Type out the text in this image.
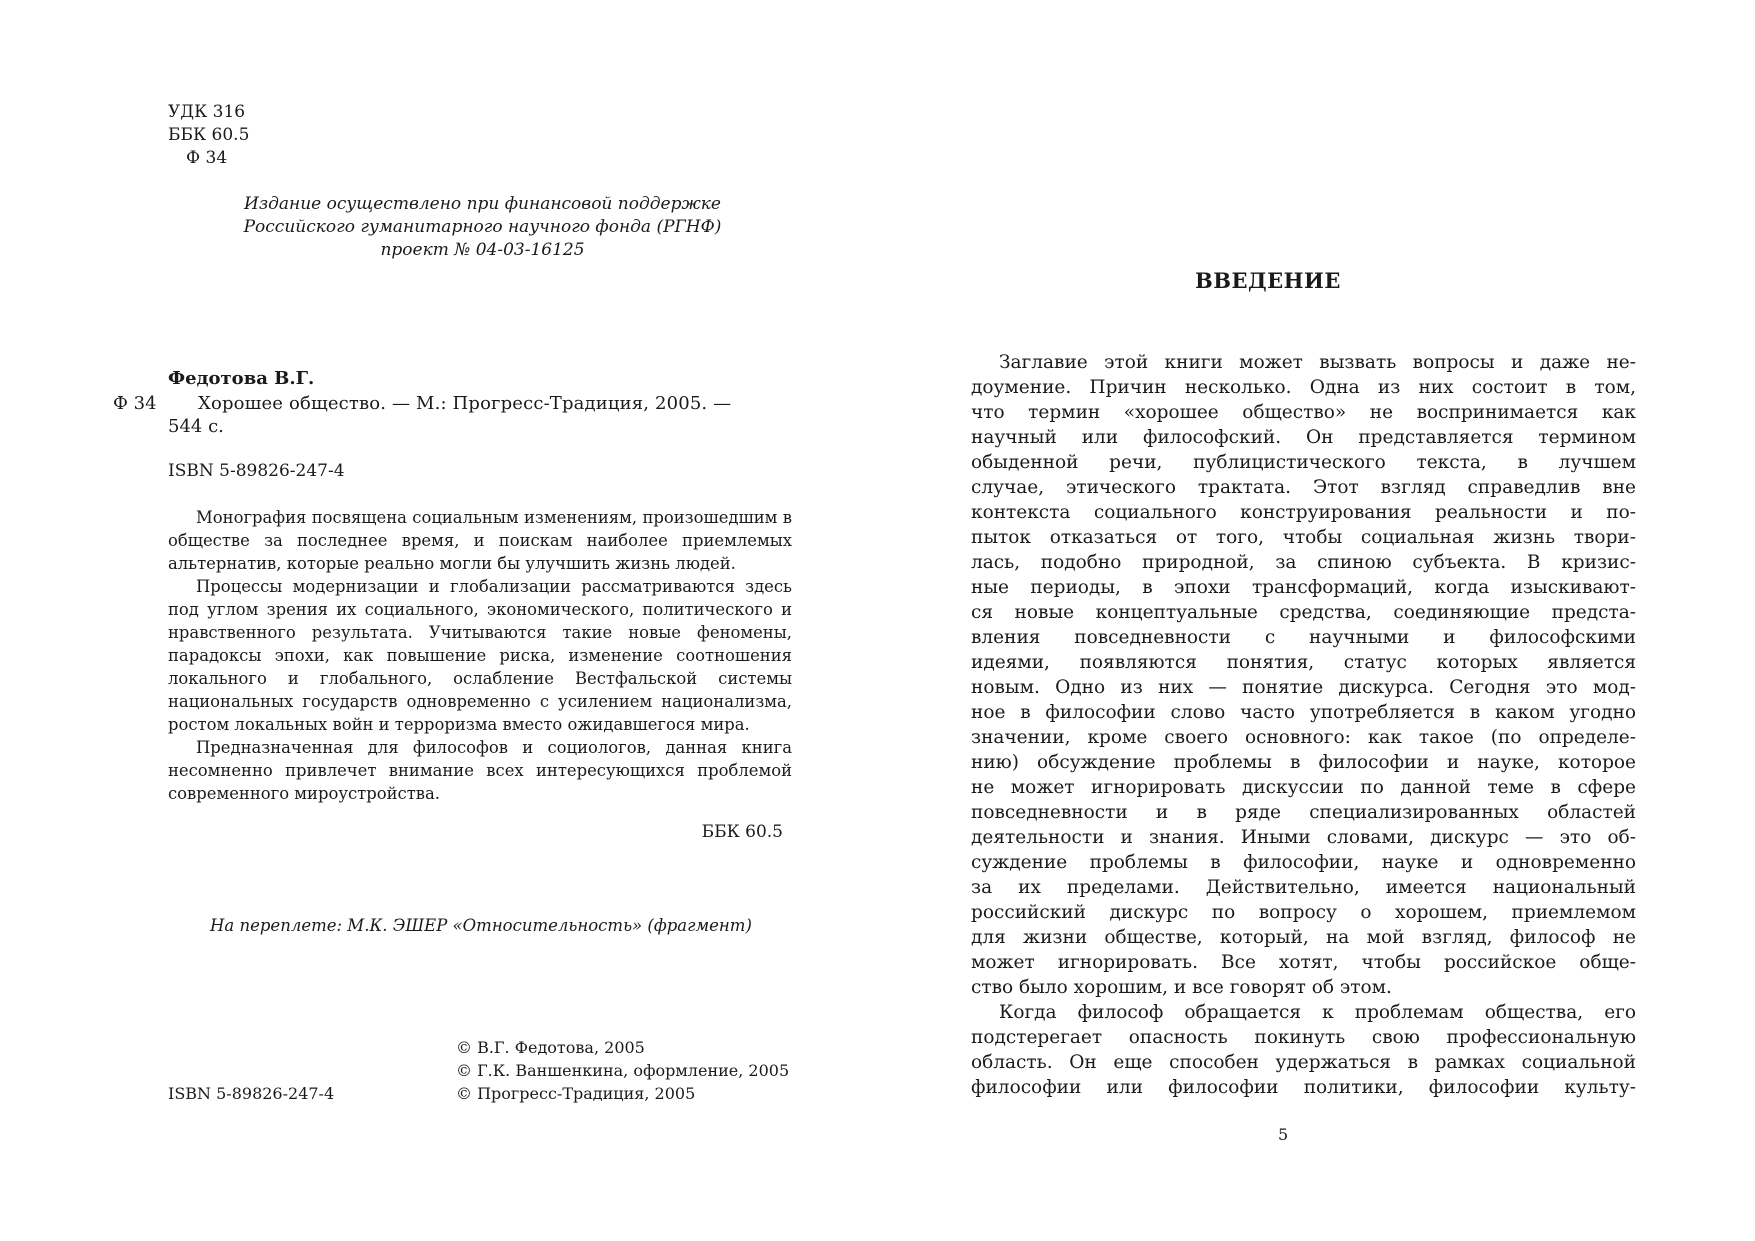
УДК 316
ББК 60.5
Ф 34
Издание осуществлено при финансовой поддержке
Российского гуманитарного научного фонда (РГНФ)
проект № 04-03-16125
Федотова В.Г.
Ф 34 Хорошее общество. — М.: Прогресс-Традиция, 2005. —
544 с.
ISBN 5-89826-247-4

Монография посвящена социальным изменениям, произошедшим в обществе за последнее время, и поискам наиболее приемлемых альтернатив, которые реально могли бы улучшить жизнь людей.

Процессы модернизации и глобализации рассматриваются здесь под углом зрения их социального, экономического, политического и нравственного результата. Учитываются такие новые феномены, парадоксы эпохи, как повышение риска, изменение соотношения локального и глобального, ослабление Вестфальской системы национальных государств одновременно с усилением национализма, ростом локальных войн и терроризма вместо ожидавшегося мира.

Предназначенная для философов и социологов, данная книга несомненно привлечет внимание всех интересующихся проблемой современного мироустройства.

ББК 60.5
На переплете: М.К. ЭШЕР «Относительность» (фрагмент)
© В.Г. Федотова, 2005
© Г.К. Ваншенкина, оформление, 2005
ISBN 5-89826-247-4	© Прогресс-Традиция, 2005
ВВЕДЕНИЕ
Заглавие этой книги может вызвать вопросы и даже не-
доумение. Причин несколько. Одна из них состоит в том,
что термин «хорошее общество» не воспринимается как
научный или философский. Он представляется термином
обыденной речи, публицистического текста, в лучшем
случае, этического трактата. Этот взгляд справедлив вне
контекста социального конструирования реальности и по-
пыток отказаться от того, чтобы социальная жизнь твори-
лась, подобно природной, за спиною субъекта. В кризис-
ные периоды, в эпохи трансформаций, когда изыскивают-
ся новые концептуальные средства, соединяющие предста-
вления повседневности с научными и философскими
идеями, появляются понятия, статус которых является
новым. Одно из них — понятие дискурса. Сегодня это мод-
ное в философии слово часто употребляется в каком угодно
значении, кроме своего основного: как такое (по определе-
нию) обсуждение проблемы в философии и науке, которое
не может игнорировать дискуссии по данной теме в сфере
повседневности и в ряде специализированных областей
деятельности и знания. Иными словами, дискурс — это об-
суждение проблемы в философии, науке и одновременно
за их пределами. Действительно, имеется национальный
российский дискурс по вопросу о хорошем, приемлемом
для жизни обществе, который, на мой взгляд, философ не
может игнорировать. Все хотят, чтобы российское обще-
ство было хорошим, и все говорят об этом.
Когда философ обращается к проблемам общества, его
подстерегает опасность покинуть свою профессиональную
область. Он еще способен удержаться в рамках социальной
философии или философии политики, философии культу-
5
